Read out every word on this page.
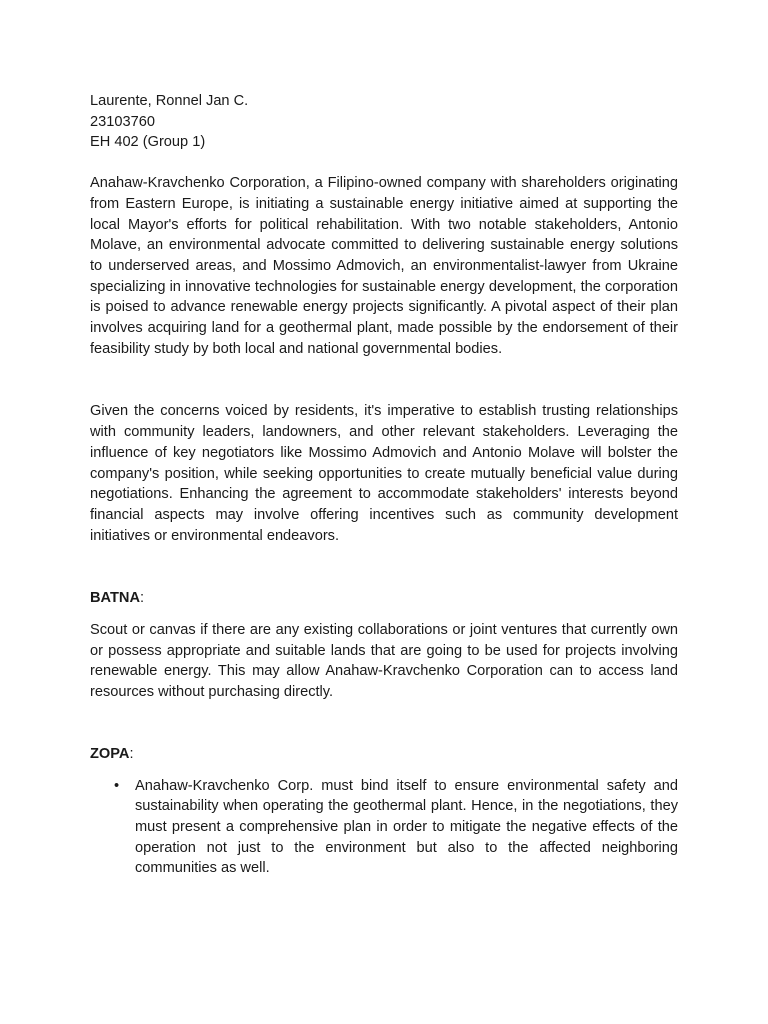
Laurente, Ronnel Jan C.
23103760
EH 402 (Group 1)

Anahaw-Kravchenko Corporation, a Filipino-owned company with shareholders originating from Eastern Europe, is initiating a sustainable energy initiative aimed at supporting the local Mayor's efforts for political rehabilitation. With two notable stakeholders, Antonio Molave, an environmental advocate committed to delivering sustainable energy solutions to underserved areas, and Mossimo Admovich, an environmentalist-lawyer from Ukraine specializing in innovative technologies for sustainable energy development, the corporation is poised to advance renewable energy projects significantly. A pivotal aspect of their plan involves acquiring land for a geothermal plant, made possible by the endorsement of their feasibility study by both local and national governmental bodies.

Given the concerns voiced by residents, it's imperative to establish trusting relationships with community leaders, landowners, and other relevant stakeholders. Leveraging the influence of key negotiators like Mossimo Admovich and Antonio Molave will bolster the company's position, while seeking opportunities to create mutually beneficial value during negotiations. Enhancing the agreement to accommodate stakeholders' interests beyond financial aspects may involve offering incentives such as community development initiatives or environmental endeavors.

BATNA:

Scout or canvas if there are any existing collaborations or joint ventures that currently own or possess appropriate and suitable lands that are going to be used for projects involving renewable energy. This may allow Anahaw-Kravchenko Corporation can to access land resources without purchasing directly.

ZOPA:
• Anahaw-Kravchenko Corp. must bind itself to ensure environmental safety and sustainability when operating the geothermal plant. Hence, in the negotiations, they must present a comprehensive plan in order to mitigate the negative effects of the operation not just to the environment but also to the affected neighboring communities as well.
